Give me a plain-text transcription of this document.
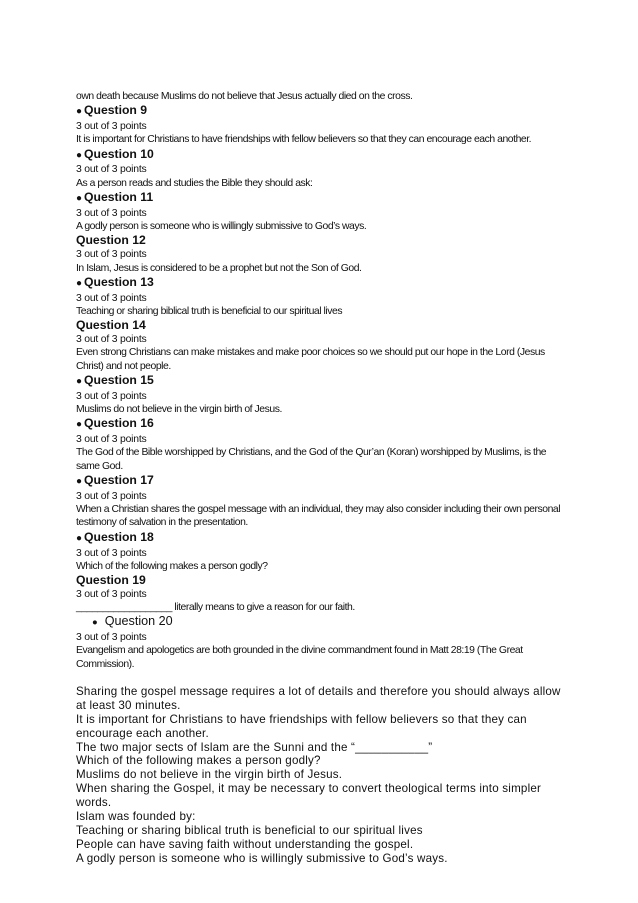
own death because Muslims do not believe that Jesus actually died on the cross.
● Question 9
3 out of 3 points
It is important for Christians to have friendships with fellow believers so that they can encourage each another.
● Question 10
3 out of 3 points
As a person reads and studies the Bible they should ask:
● Question 11
3 out of 3 points
A godly person is someone who is willingly submissive to God’s ways.
Question 12
3 out of 3 points
In Islam, Jesus is considered to be a prophet but not the Son of God.
● Question 13
3 out of 3 points
Teaching or sharing biblical truth is beneficial to our spiritual lives
Question 14
3 out of 3 points
Even strong Christians can make mistakes and make poor choices so we should put our hope in the Lord (Jesus Christ) and not people.
● Question 15
3 out of 3 points
Muslims do not believe in the virgin birth of Jesus.
● Question 16
3 out of 3 points
The God of the Bible worshipped by Christians, and the God of the Qur’an (Koran) worshipped by Muslims, is the same God.
● Question 17
3 out of 3 points
When a Christian shares the gospel message with an individual, they may also consider including their own personal testimony of salvation in the presentation.
● Question 18
3 out of 3 points
Which of the following makes a person godly?
Question 19
3 out of 3 points
__________________ literally means to give a reason for our faith.
● Question 20
3 out of 3 points
Evangelism and apologetics are both grounded in the divine commandment found in Matt 28:19 (The Great Commission).
Sharing the gospel message requires a lot of details and therefore you should always allow at least 30 minutes.
It is important for Christians to have friendships with fellow believers so that they can encourage each another.
The two major sects of Islam are the Sunni and the “___________”
Which of the following makes a person godly?
Muslims do not believe in the virgin birth of Jesus.
When sharing the Gospel, it may be necessary to convert theological terms into simpler words.
Islam was founded by:
Teaching or sharing biblical truth is beneficial to our spiritual lives
People can have saving faith without understanding the gospel.
A godly person is someone who is willingly submissive to God’s ways.
